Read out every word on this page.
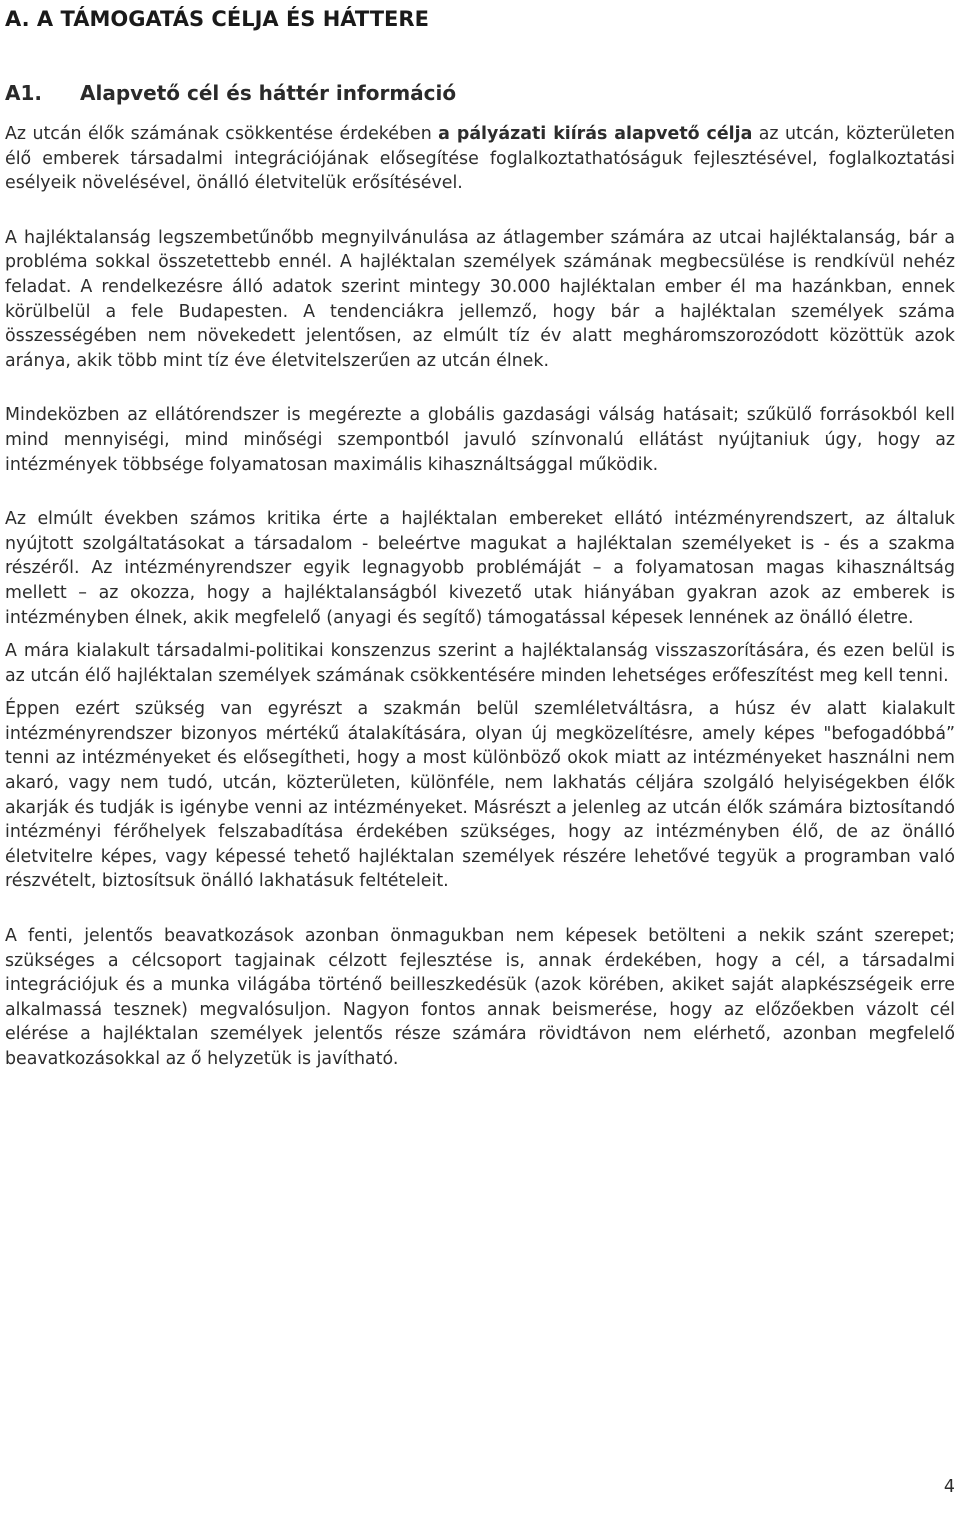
A. A TÁMOGATÁS CÉLJA ÉS HÁTTERE
A1.	Alapvető cél és háttér információ

Az utcán élők számának csökkentése érdekében a pályázati kiírás alapvető célja az utcán, közterületen élő emberek társadalmi integrációjának elősegítése foglalkoztathatóságuk fejlesztésével, foglalkoztatási esélyeik növelésével, önálló életvitelük erősítésével.

A hajléktalanság legszembetűnőbb megnyilvánulása az átlagember számára az utcai hajléktalanság, bár a probléma sokkal összetettebb ennél. A hajléktalan személyek számának megbecsülése is rendkívül nehéz feladat. A rendelkezésre álló adatok szerint mintegy 30.000 hajléktalan ember él ma hazánkban, ennek körülbelül a fele Budapesten. A tendenciákra jellemző, hogy bár a hajléktalan személyek száma összességében nem növekedett jelentősen, az elmúlt tíz év alatt megháromszorozódott közöttük azok aránya, akik több mint tíz éve életvitelszerűen az utcán élnek.

Mindeközben az ellátórendszer is megérezte a globális gazdasági válság hatásait; szűkülő forrásokból kell mind mennyiségi, mind minőségi szempontból javuló színvonalú ellátást nyújtaniuk úgy, hogy az intézmények többsége folyamatosan maximális kihasználtsággal működik.

Az elmúlt években számos kritika érte a hajléktalan embereket ellátó intézményrendszert, az általuk nyújtott szolgáltatásokat a társadalom - beleértve magukat a hajléktalan személyeket is - és a szakma részéről. Az intézményrendszer egyik legnagyobb problémáját – a folyamatosan magas kihasználtság mellett – az okozza, hogy a hajléktalanságból kivezető utak hiányában gyakran azok az emberek is intézményben élnek, akik megfelelő (anyagi és segítő) támogatással képesek lennének az önálló életre.

A mára kialakult társadalmi-politikai konszenzus szerint a hajléktalanság visszaszorítására, és ezen belül is az utcán élő hajléktalan személyek számának csökkentésére minden lehetséges erőfeszítést meg kell tenni.

Éppen ezért szükség van egyrészt a szakmán belül szemléletváltásra, a húsz év alatt kialakult intézményrendszer bizonyos mértékű átalakítására, olyan új megközelítésre, amely képes "befogadóbbá” tenni az intézményeket és elősegítheti, hogy a most különböző okok miatt az intézményeket használni nem akaró, vagy nem tudó, utcán, közterületen, különféle, nem lakhatás céljára szolgáló helyiségekben élők akarják és tudják is igénybe venni az intézményeket. Másrészt a jelenleg az utcán élők számára biztosítandó intézményi férőhelyek felszabadítása érdekében szükséges, hogy az intézményben élő, de az önálló életvitelre képes, vagy képessé tehető hajléktalan személyek részére lehetővé tegyük a programban való részvételt, biztosítsuk önálló lakhatásuk feltételeit.

A fenti, jelentős beavatkozások azonban önmagukban nem képesek betölteni a nekik szánt szerepet; szükséges a célcsoport tagjainak célzott fejlesztése is, annak érdekében, hogy a cél, a társadalmi integrációjuk és a munka világába történő beilleszkedésük (azok körében, akiket saját alapkészségeik erre alkalmassá tesznek) megvalósuljon. Nagyon fontos annak beismerése, hogy az előzőekben vázolt cél elérése a hajléktalan személyek jelentős része számára rövidtávon nem elérhető, azonban megfelelő beavatkozásokkal az ő helyzetük is javítható.

4
